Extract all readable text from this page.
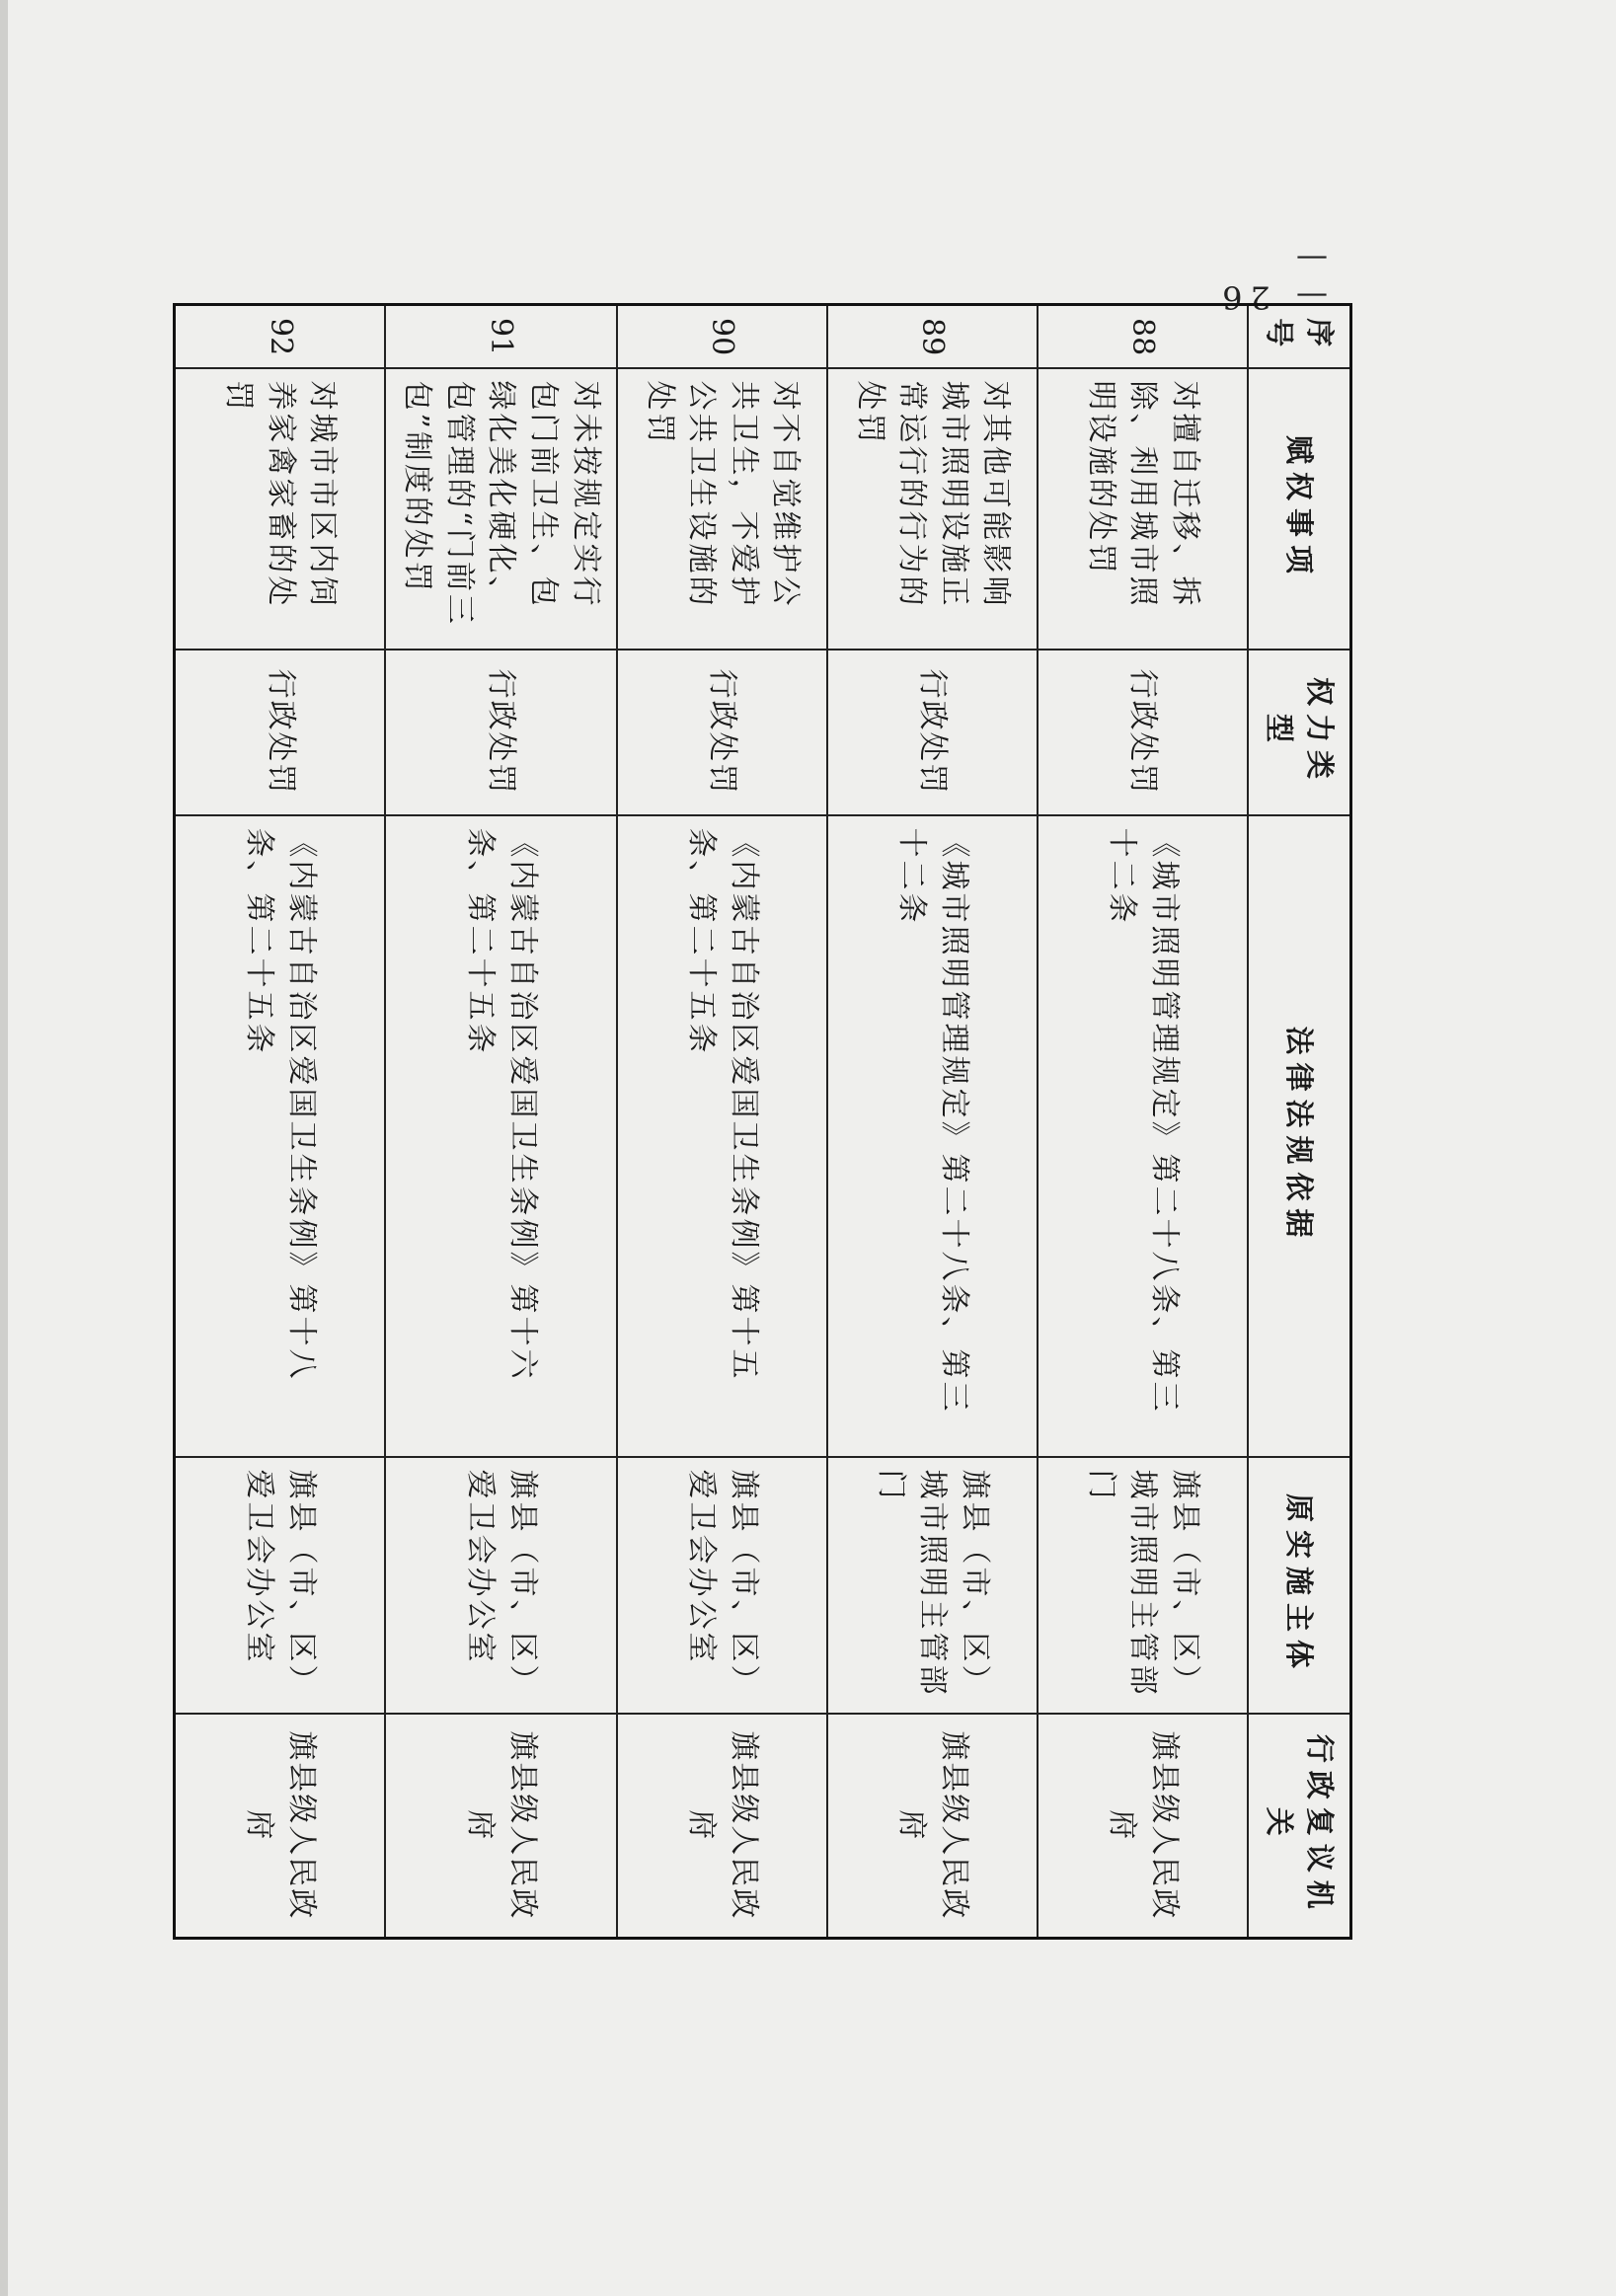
— 26 —
序号	赋权事项	权力类型	法律法规依据	原实施主体	行政复议机关
88	对擅自迁移、拆除、利用城市照明设施的处罚	行政处罚	《城市照明管理规定》第二十八条、第三十二条	旗县（市、区）城市照明主管部门	旗县级人民政府
89	对其他可能影响城市照明设施正常运行的行为的处罚	行政处罚	《城市照明管理规定》第二十八条、第三十二条	旗县（市、区）城市照明主管部门	旗县级人民政府
90	对不自觉维护公共卫生，不爱护公共卫生设施的处罚	行政处罚	《内蒙古自治区爱国卫生条例》第十五条、第二十五条	旗县（市、区）爱卫会办公室	旗县级人民政府
91	对未按规定实行包门前卫生、包绿化美化硬化、包管理的“门前三包”制度的处罚	行政处罚	《内蒙古自治区爱国卫生条例》第十六条、第二十五条	旗县（市、区）爱卫会办公室	旗县级人民政府
92	对城市市区内饲养家禽家畜的处罚	行政处罚	《内蒙古自治区爱国卫生条例》第十八条、第二十五条	旗县（市、区）爱卫会办公室	旗县级人民政府
